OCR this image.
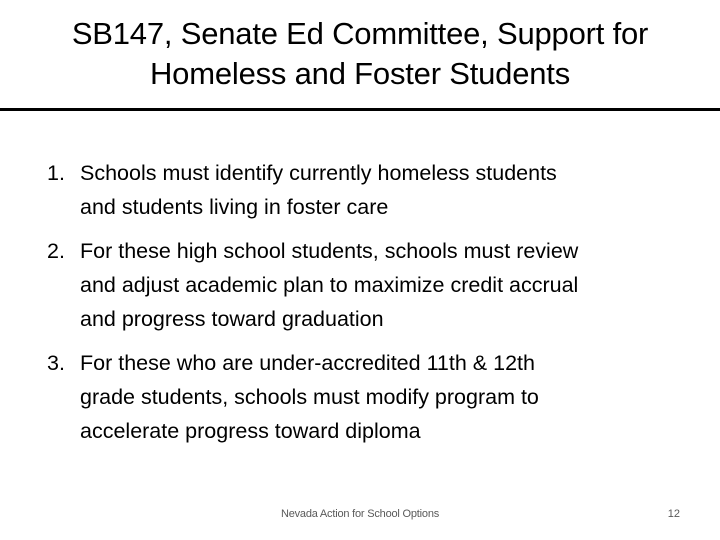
SB147, Senate Ed Committee, Support for
Homeless and Foster Students
1. Schools must identify currently homeless students
and students living in foster care
2. For these high school students, schools must review
and adjust academic plan to maximize credit accrual
and progress toward graduation
3. For these who are under-accredited 11th & 12th
grade students, schools must modify program to
accelerate progress toward diploma
Nevada Action for School Options	12
